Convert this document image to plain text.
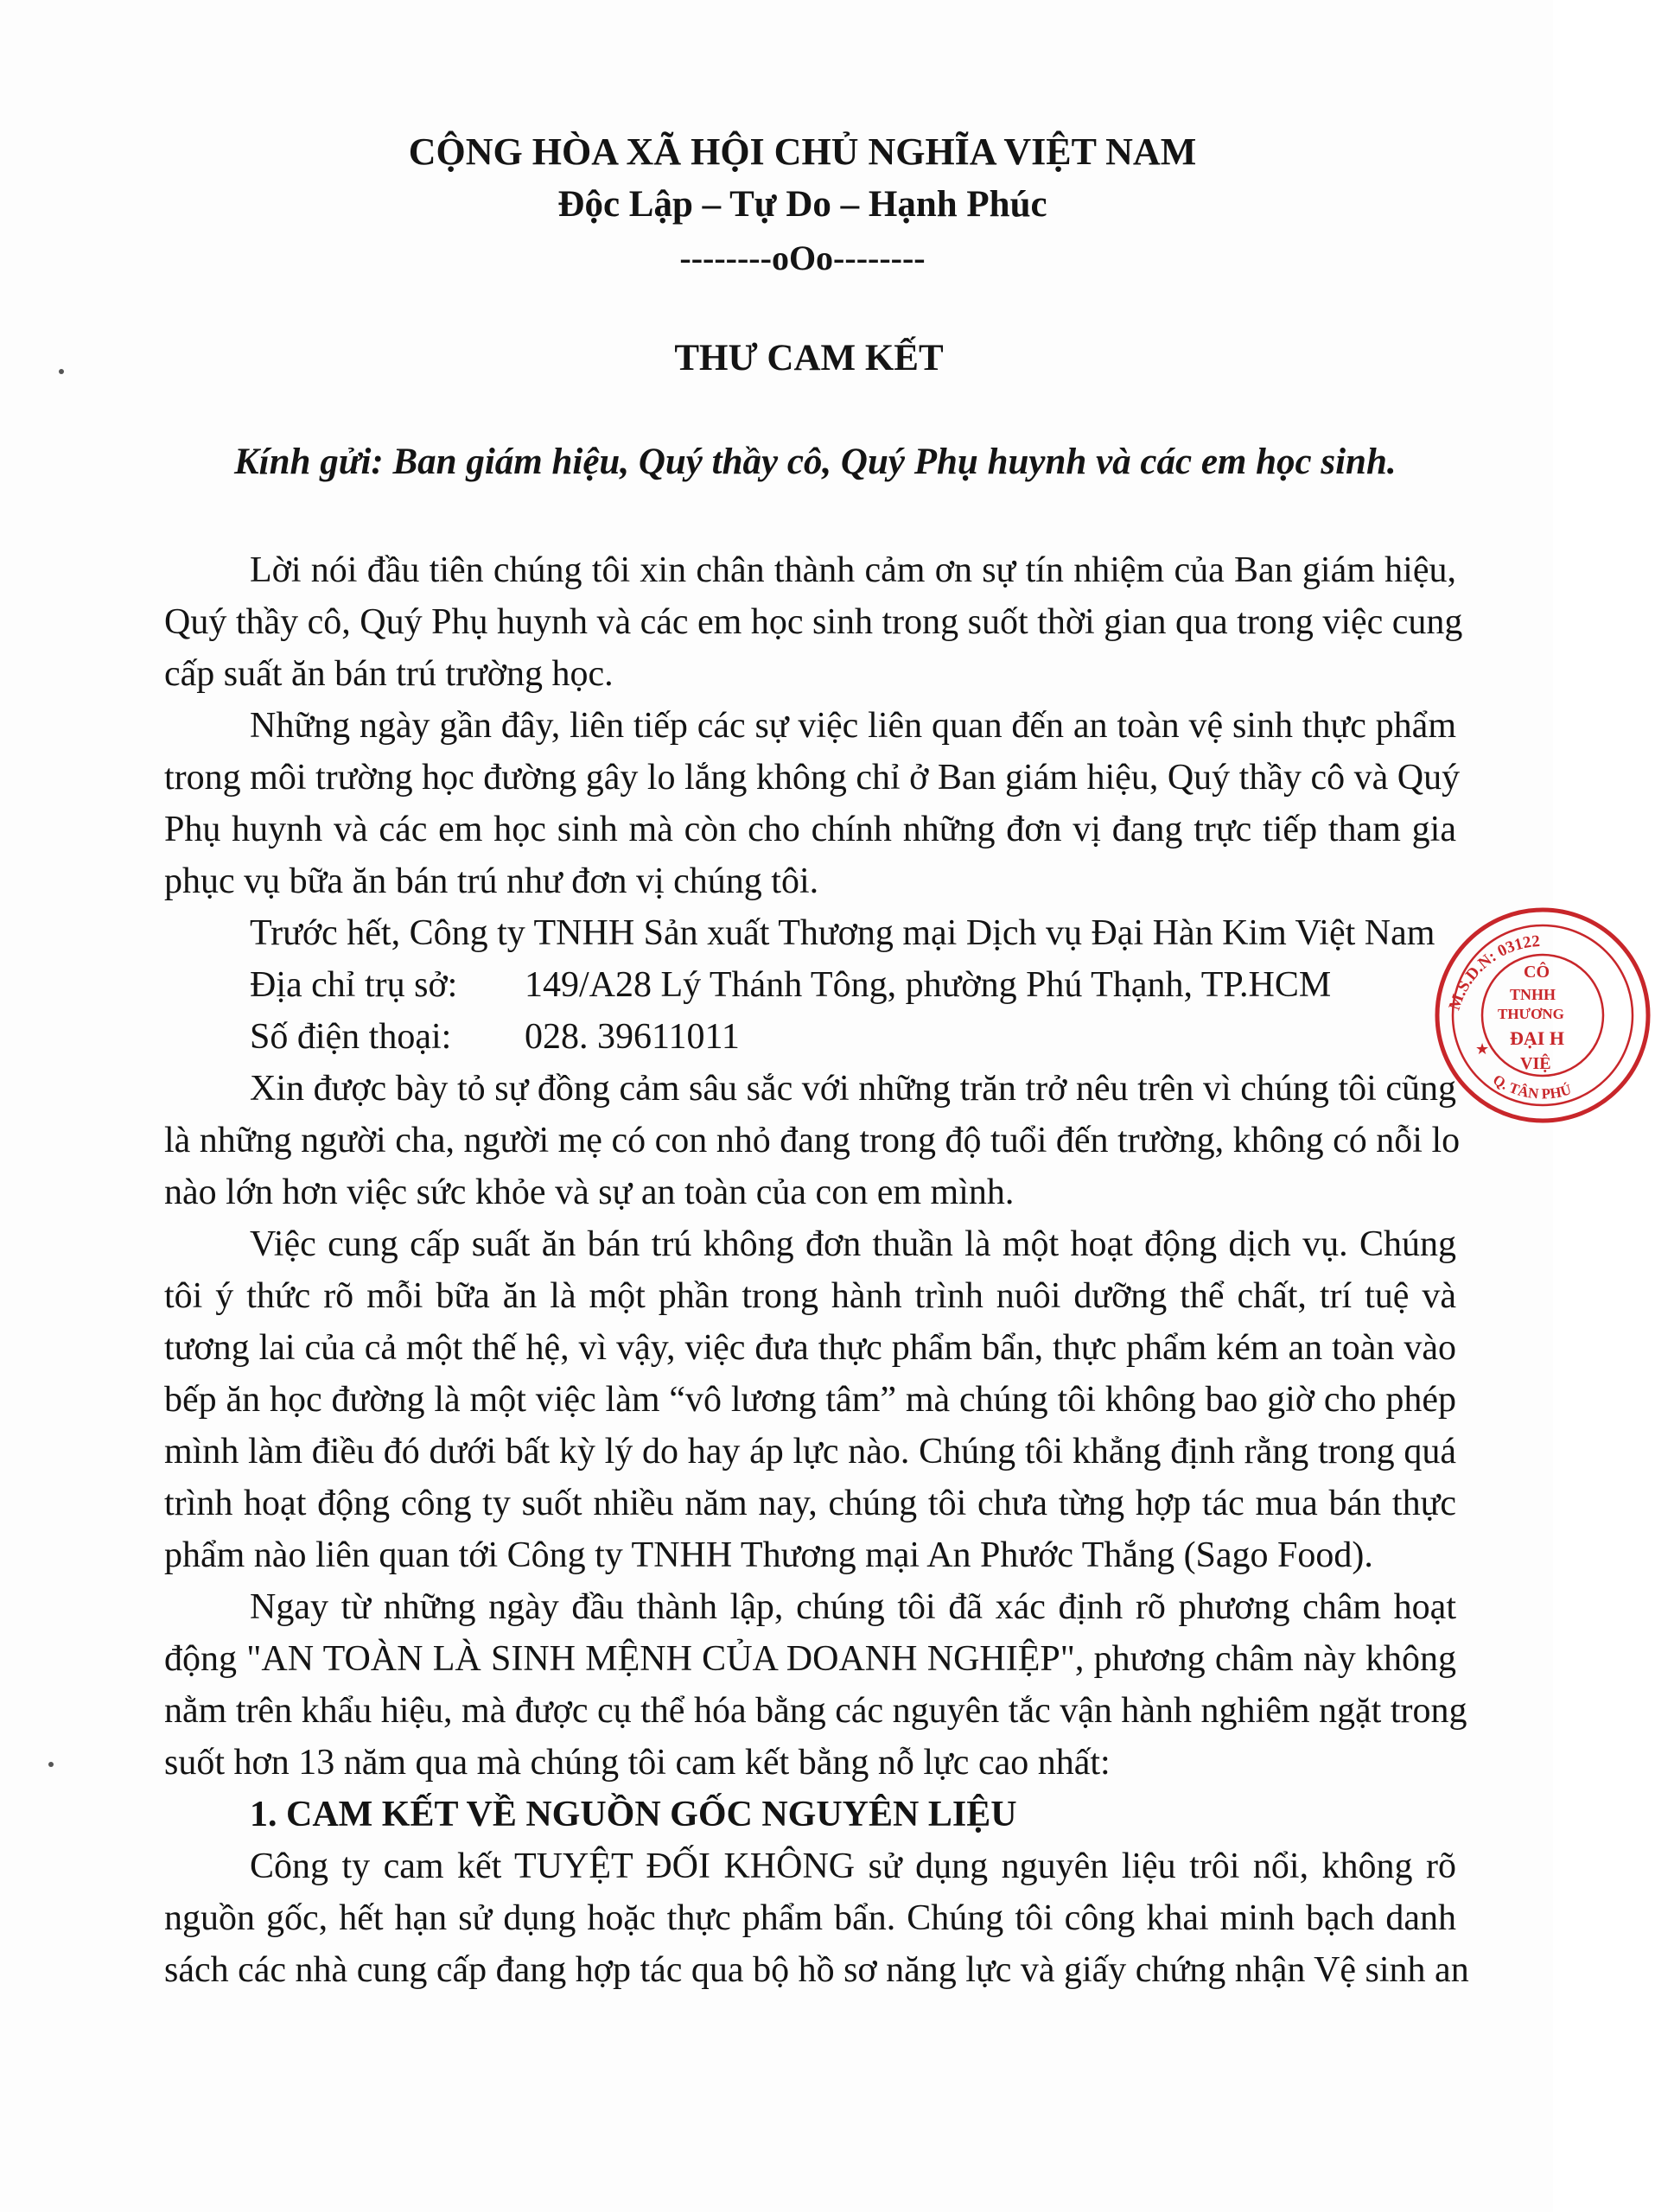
CỘNG HÒA XÃ HỘI CHỦ NGHĨA VIỆT NAM
Độc Lập – Tự Do – Hạnh Phúc
--------oOo--------
THƯ CAM KẾT
Kính gửi: Ban giám hiệu, Quý thầy cô, Quý Phụ huynh và các em học sinh.
Lời nói đầu tiên chúng tôi xin chân thành cảm ơn sự tín nhiệm của Ban giám hiệu,
Quý thầy cô, Quý Phụ huynh và các em học sinh trong suốt thời gian qua trong việc cung
cấp suất ăn bán trú trường học.
Những ngày gần đây, liên tiếp các sự việc liên quan đến an toàn vệ sinh thực phẩm
trong môi trường học đường gây lo lắng không chỉ ở Ban giám hiệu, Quý thầy cô và Quý
Phụ huynh và các em học sinh mà còn cho chính những đơn vị đang trực tiếp tham gia
phục vụ bữa ăn bán trú như đơn vị chúng tôi.
Trước hết, Công ty TNHH Sản xuất Thương mại Dịch vụ Đại Hàn Kim Việt Nam
Địa chỉ trụ sở: 149/A28 Lý Thánh Tông, phường Phú Thạnh, TP.HCM
Số điện thoại: 028. 39611011
Xin được bày tỏ sự đồng cảm sâu sắc với những trăn trở nêu trên vì chúng tôi cũng
là những người cha, người mẹ có con nhỏ đang trong độ tuổi đến trường, không có nỗi lo
nào lớn hơn việc sức khỏe và sự an toàn của con em mình.
Việc cung cấp suất ăn bán trú không đơn thuần là một hoạt động dịch vụ. Chúng
tôi ý thức rõ mỗi bữa ăn là một phần trong hành trình nuôi dưỡng thể chất, trí tuệ và
tương lai của cả một thế hệ, vì vậy, việc đưa thực phẩm bẩn, thực phẩm kém an toàn vào
bếp ăn học đường là một việc làm “vô lương tâm” mà chúng tôi không bao giờ cho phép
mình làm điều đó dưới bất kỳ lý do hay áp lực nào. Chúng tôi khẳng định rằng trong quá
trình hoạt động công ty suốt nhiều năm nay, chúng tôi chưa từng hợp tác mua bán thực
phẩm nào liên quan tới Công ty TNHH Thương mại An Phước Thắng (Sago Food).
Ngay từ những ngày đầu thành lập, chúng tôi đã xác định rõ phương châm hoạt
động "AN TOÀN LÀ SINH MỆNH CỦA DOANH NGHIỆP", phương châm này không
nằm trên khẩu hiệu, mà được cụ thể hóa bằng các nguyên tắc vận hành nghiêm ngặt trong
suốt hơn 13 năm qua mà chúng tôi cam kết bằng nỗ lực cao nhất:
1. CAM KẾT VỀ NGUỒN GỐC NGUYÊN LIỆU
Công ty cam kết TUYỆT ĐỐI KHÔNG sử dụng nguyên liệu trôi nổi, không rõ
nguồn gốc, hết hạn sử dụng hoặc thực phẩm bẩn. Chúng tôi công khai minh bạch danh
sách các nhà cung cấp đang hợp tác qua bộ hồ sơ năng lực và giấy chứng nhận Vệ sinh an
M.S.D.N: 03122
Q. TÂN PHÚ
CÔ
TNHH
THƯƠNG
ĐẠI H
VIỆ
★
